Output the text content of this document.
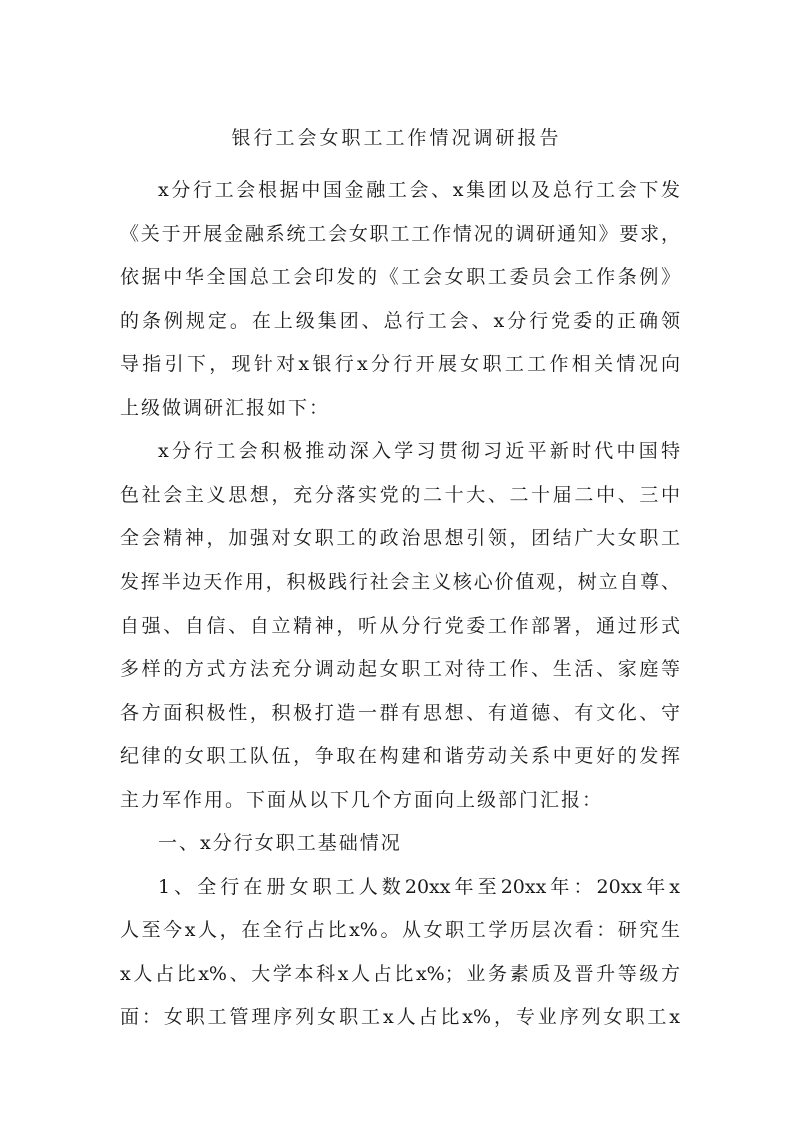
银行工会女职工工作情况调研报告
x分行工会根据中国金融工会、x集团以及总行工会下发
《关于开展金融系统工会女职工工作情况的调研通知》要求，
依据中华全国总工会印发的《工会女职工委员会工作条例》
的条例规定。在上级集团、总行工会、x分行党委的正确领
导指引下，现针对x银行x分行开展女职工工作相关情况向
上级做调研汇报如下：
x分行工会积极推动深入学习贯彻习近平新时代中国特
色社会主义思想，充分落实党的二十大、二十届二中、三中
全会精神，加强对女职工的政治思想引领，团结广大女职工
发挥半边天作用，积极践行社会主义核心价值观，树立自尊、
自强、自信、自立精神，听从分行党委工作部署，通过形式
多样的方式方法充分调动起女职工对待工作、生活、家庭等
各方面积极性，积极打造一群有思想、有道德、有文化、守
纪律的女职工队伍，争取在构建和谐劳动关系中更好的发挥
主力军作用。下面从以下几个方面向上级部门汇报：
一、x分行女职工基础情况
1、全行在册女职工人数20xx年至20xx年：20xx年x
人至今x人，在全行占比x%。从女职工学历层次看：研究生
x人占比x%、大学本科x人占比x%；业务素质及晋升等级方
面：女职工管理序列女职工x人占比x%，专业序列女职工x
